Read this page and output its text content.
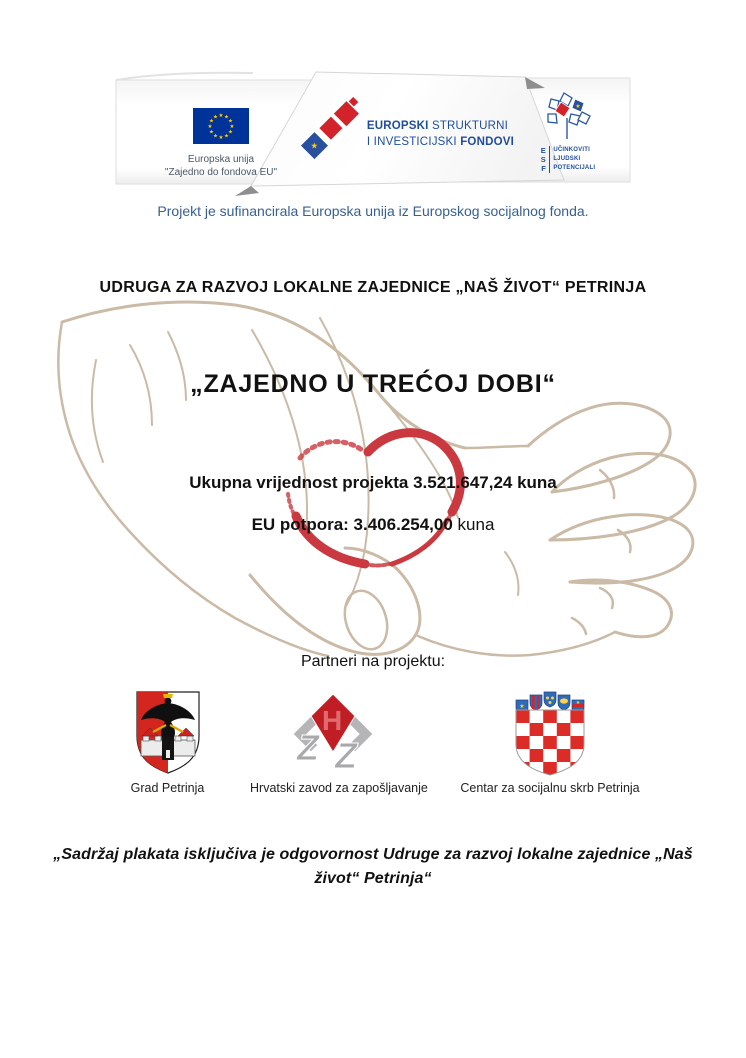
★
★
★
★
★
★
★
★
★ ★ ★
★
Europska unija
"Zajedno do fondova EU"
★
EUROPSKI STRUKTURNI
I INVESTICIJSKI FONDOVI
★
E
S
F
UČINKOVITI
LJUDSKI
POTENCIJALI
Projekt je sufinancirala Europska unija iz Europskog socijalnog fonda.
UDRUGA ZA RAZVOJ LOKALNE ZAJEDNICE „NAŠ ŽIVOT“ PETRINJA
„ZAJEDNO U TREĆOJ DOBI“
Ukupna vrijednost projekta 3.521.647,24 kuna
EU potpora: 3.406.254,00 kuna
Partneri na projektu:
Grad Petrinja
H
Z Z
Hrvatski zavod za zapošljavanje
★
★
Centar za socijalnu skrb Petrinja
„Sadržaj plakata isključiva je odgovornost Udruge za razvoj lokalne zajednice „Naš život“ Petrinja“
